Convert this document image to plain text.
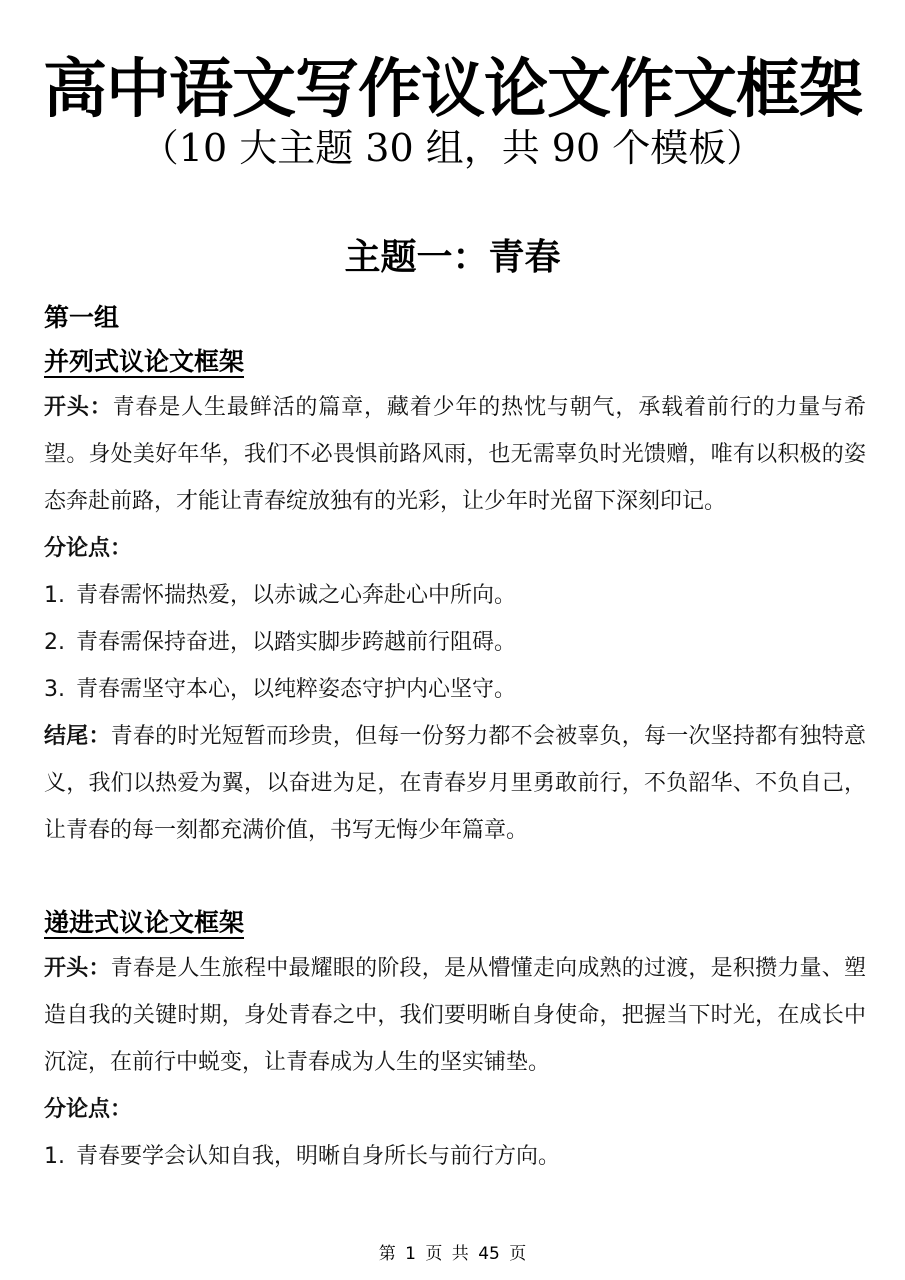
高中语文写作议论文作文框架
（10 大主题 30 组，共 90 个模板）
主题一：青春
第一组
并列式议论文框架

开头：青春是人生最鲜活的篇章，藏着少年的热忱与朝气，承载着前行的力量与希望。身处美好年华，我们不必畏惧前路风雨，也无需辜负时光馈赠，唯有以积极的姿态奔赴前路，才能让青春绽放独有的光彩，让少年时光留下深刻印记。

分论点：
1. 青春需怀揣热爱，以赤诚之心奔赴心中所向。
2. 青春需保持奋进，以踏实脚步跨越前行阻碍。
3. 青春需坚守本心，以纯粹姿态守护内心坚守。

结尾：青春的时光短暂而珍贵，但每一份努力都不会被辜负，每一次坚持都有独特意义，我们以热爱为翼，以奋进为足，在青春岁月里勇敢前行，不负韶华、不负自己，让青春的每一刻都充满价值，书写无悔少年篇章。

递进式议论文框架

开头：青春是人生旅程中最耀眼的阶段，是从懵懂走向成熟的过渡，是积攒力量、塑造自我的关键时期，身处青春之中，我们要明晰自身使命，把握当下时光，在成长中沉淀，在前行中蜕变，让青春成为人生的坚实铺垫。

分论点：
1. 青春要学会认知自我，明晰自身所长与前行方向。
第 1 页 共 45 页
